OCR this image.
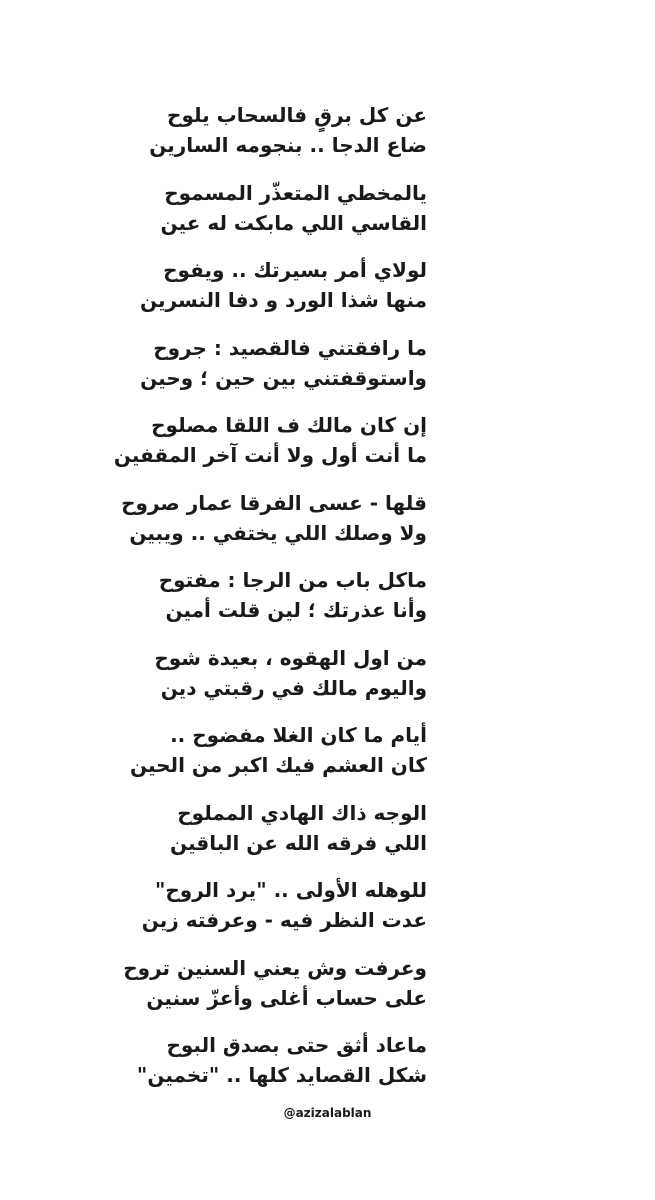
عن كل برقٍ فالسحاب يلوح
ضاع الدجا .. بنجومه السارين
يالمخطي المتعذّر المسموح
القاسي اللي مابكت له عين
لولاي أمر بسيرتك .. ويفوح
منها شذا الورد و دفا النسرين
ما رافقتني فالقصيد : جروح
واستوقفتني بين حين ؛ وحين
إن كان مالك ف اللقا مصلوح
ما أنت أول ولا أنت آخر المقفين
قلها - عسى الفرقا عمار صروح
ولا وصلك اللي يختفي .. ويبين
ماكل باب من الرجا : مفتوح
وأنا عذرتك ؛ لين قلت أمين
من اول الهقوه ، بعيدة شوح
واليوم مالك في رقبتي دين
أيام ما كان الغلا مفضوح ..
كان العشم فيك اكبر من الحين
الوجه ذاك الهادي المملوح
اللي فرقه الله عن الباقين
للوهله الأولى .. "يرد الروح"
عدت النظر فيه - وعرفته زين
وعرفت وش يعني السنين تروح
على حساب أغلى وأعزّ سنين
ماعاد أثق حتى بصدق البوح
شكل القصايد كلها .. "تخمين"
@azizalablan
